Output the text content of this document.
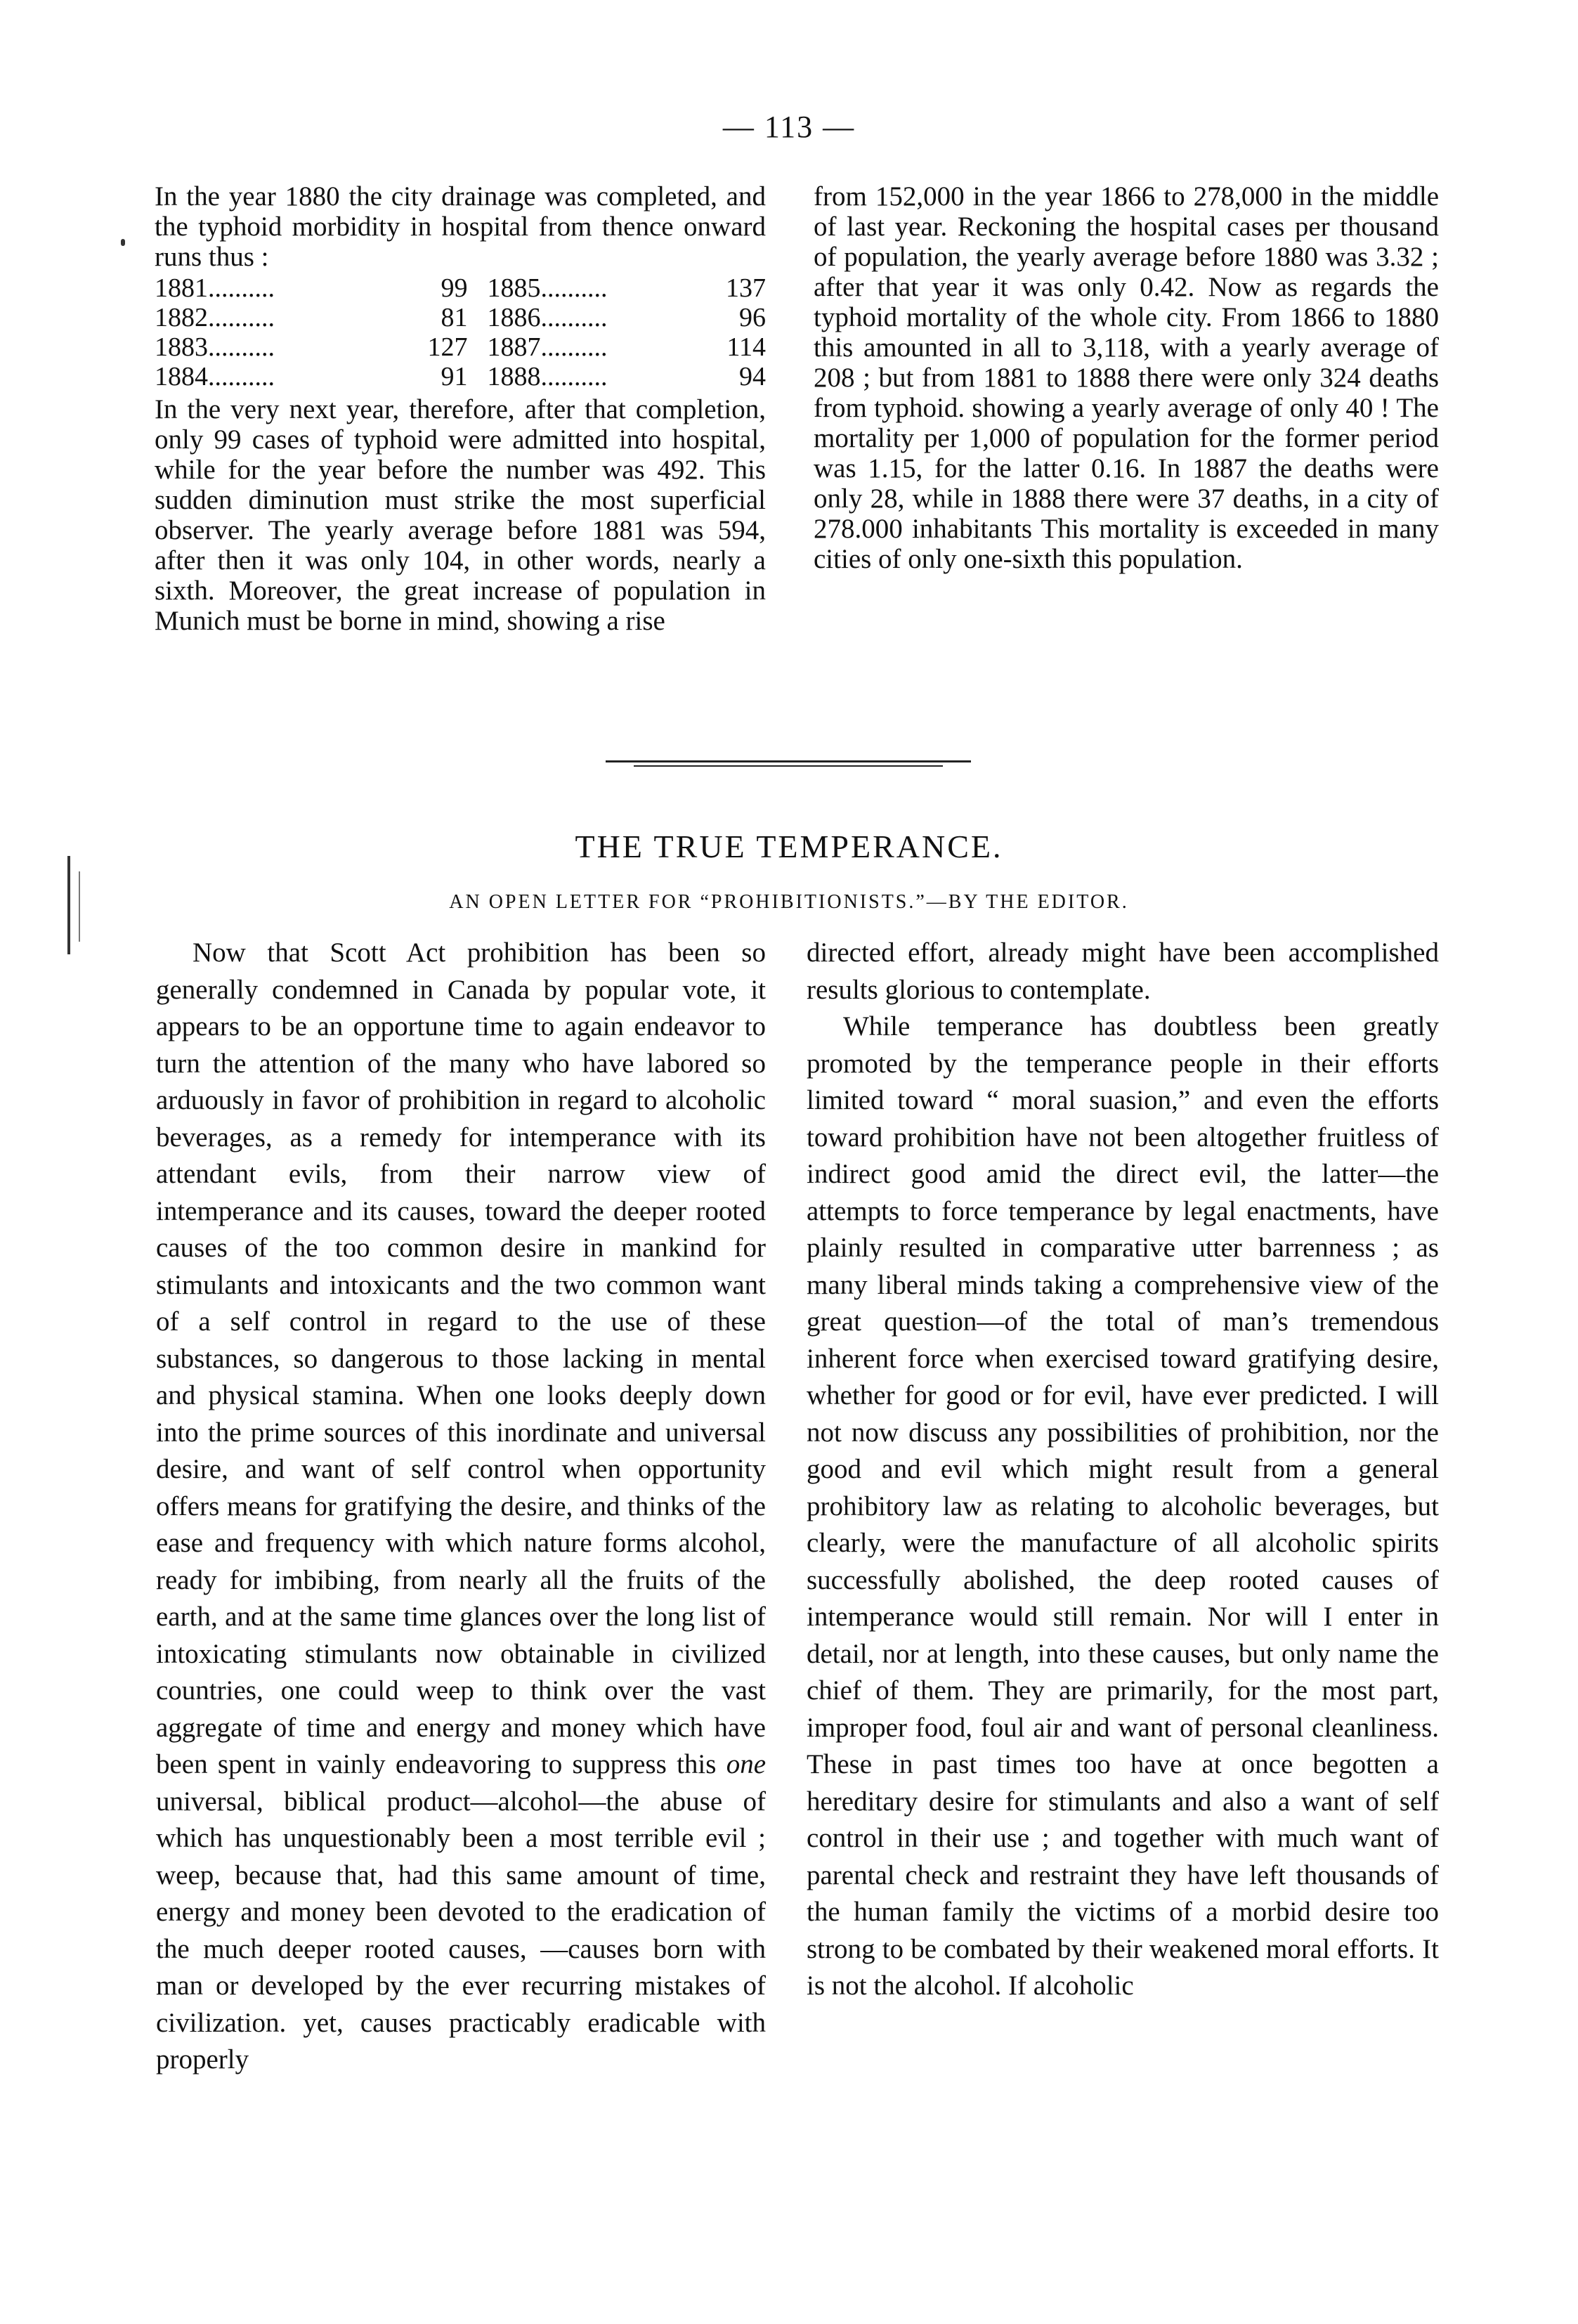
— 113 —

In the year 1880 the city drainage was completed, and the typhoid morbidity in hospital from thence onward runs thus :

1881..........	99	1885..........	137
1882..........	81	1886..........	96
1883..........	127	1887..........	114
1884..........	91	1888..........	94

In the very next year, therefore, after that completion, only 99 cases of typhoid were admitted into hospital, while for the year before the number was 492. This sudden diminution must strike the most superficial observer. The yearly average before 1881 was 594, after then it was only 104, in other words, nearly a sixth. Moreover, the great increase of population in Munich must be borne in mind, showing a rise

from 152,000 in the year 1866 to 278,000 in the middle of last year. Reckoning the hospital cases per thousand of population, the yearly average before 1880 was 3.32 ; after that year it was only 0.42. Now as regards the typhoid mortality of the whole city. From 1866 to 1880 this amounted in all to 3,118, with a yearly average of 208 ; but from 1881 to 1888 there were only 324 deaths from typhoid. showing a yearly average of only 40 ! The mortality per 1,000 of population for the former period was 1.15, for the latter 0.16. In 1887 the deaths were only 28, while in 1888 there were 37 deaths, in a city of 278.000 inhabitants This mortality is exceeded in many cities of only one-sixth this population.

THE TRUE TEMPERANCE.
AN OPEN LETTER FOR “PROHIBITIONISTS.”—BY THE EDITOR.

Now that Scott Act prohibition has been so generally condemned in Canada by popular vote, it appears to be an opportune time to again endeavor to turn the attention of the many who have labored so arduously in favor of prohibition in regard to alcoholic beverages, as a remedy for intemperance with its attendant evils, from their narrow view of intemperance and its causes, toward the deeper rooted causes of the too common desire in mankind for stimulants and intoxicants and the two common want of a self control in regard to the use of these substances, so dangerous to those lacking in mental and physical stamina. When one looks deeply down into the prime sources of this inordinate and universal desire, and want of self control when opportunity offers means for gratifying the desire, and thinks of the ease and frequency with which nature forms alcohol, ready for imbibing, from nearly all the fruits of the earth, and at the same time glances over the long list of intoxicating stimulants now obtainable in civilized countries, one could weep to think over the vast aggregate of time and energy and money which have been spent in vainly endeavoring to suppress this one universal, biblical product—alcohol—the abuse of which has unquestionably been a most terrible evil ; weep, because that, had this same amount of time, energy and money been devoted to the eradication of the much deeper rooted causes, —causes born with man or developed by the ever recurring mistakes of civilization. yet, causes practicably eradicable with properly

directed effort, already might have been accomplished results glorious to contemplate.

While temperance has doubtless been greatly promoted by the temperance people in their efforts limited toward “ moral suasion,” and even the efforts toward prohibition have not been altogether fruitless of indirect good amid the direct evil, the latter—the attempts to force temperance by legal enactments, have plainly resulted in comparative utter barrenness ; as many liberal minds taking a comprehensive view of the great question—of the total of man’s tremendous inherent force when exercised toward gratifying desire, whether for good or for evil, have ever predicted. I will not now discuss any possibilities of prohibition, nor the good and evil which might result from a general prohibitory law as relating to alcoholic beverages, but clearly, were the manufacture of all alcoholic spirits successfully abolished, the deep rooted causes of intemperance would still remain. Nor will I enter in detail, nor at length, into these causes, but only name the chief of them. They are primarily, for the most part, improper food, foul air and want of personal cleanliness. These in past times too have at once begotten a hereditary desire for stimulants and also a want of self control in their use ; and together with much want of parental check and restraint they have left thousands of the human family the victims of a morbid desire too strong to be combated by their weakened moral efforts. It is not the alcohol. If alcoholic
